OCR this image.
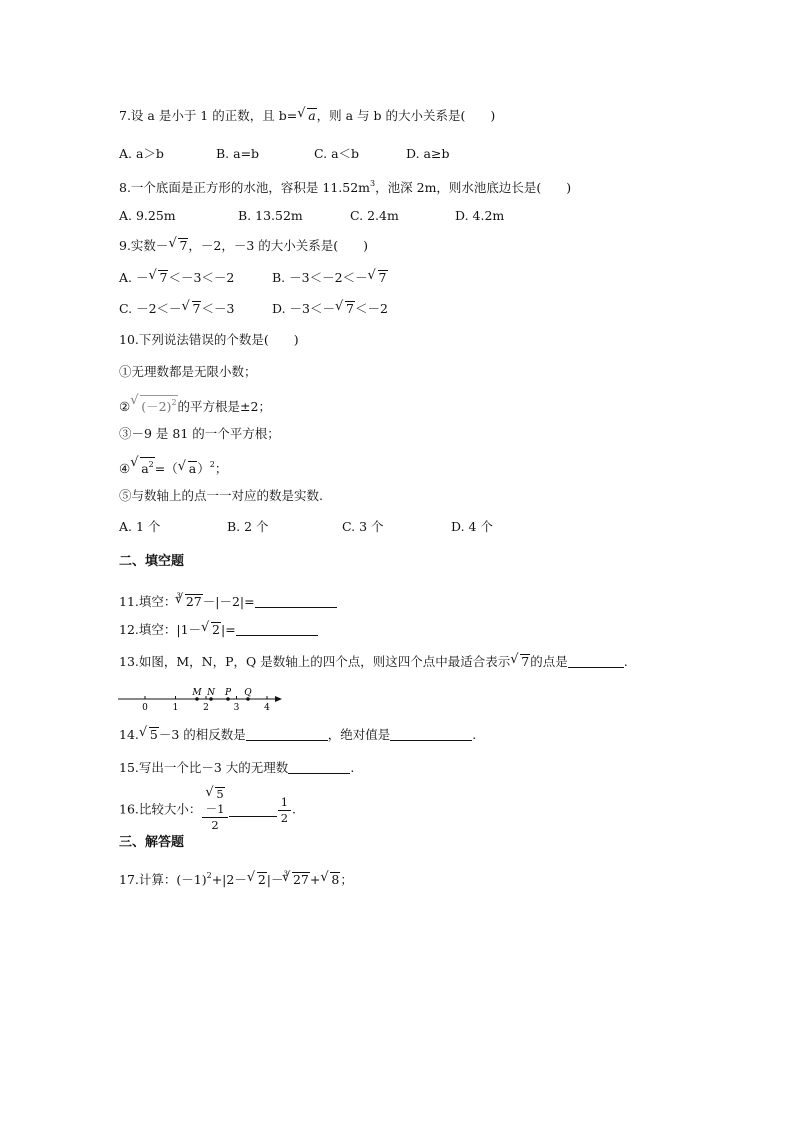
7.设 a 是小于 1 的正数，且 b=√ a，则 a 与 b 的大小关系是(　　)
A. a＞b	B. a=b	C. a＜b	D. a≥b
8.一个底面是正方形的水池，容积是 $11.52m^3$，池深 2m，则水池底边长是(　　)
A. 9.25m	B. 13.52m	C. 2.4m	D. 4.2m
9.实数－√ 7，－2，－3 的大小关系是(　　)
A. －√ 7＜－3＜－2	B. －3＜－2＜－√ 7
C. －2＜－√ 7＜－3	D. －3＜－√ 7＜－2
10.下列说法错误的个数是(　　)
①无理数都是无限小数；
②√ $(-2)^2$的平方根是±2；
③－9 是 81 的一个平方根；
④√ $a^2=(√$ a）$^2$；
⑤与数轴上的点一一对应的数是实数.
A. 1 个	B. 2 个	C. 3 个	D. 4 个
二、填空题
11.填空：$^3$√ 27－|－2|=
12.填空：|1－√ 2|=
13.如图，M，N，P，Q 是数轴上的四个点，则这四个点中最适合表示√ 7的点是	.
0	1	2	3	4
M N P Q
14.√ 5－3 的相反数是	，绝对值是	.
15.写出一个比－3 大的无理数	.
16.比较大小：
√ 5
－1
2	$\frac{1}{2}$ .
三、解答题
17.计算：$(-1)^2+|2-√$ 2|－$^3$√ 27+√ 8；
